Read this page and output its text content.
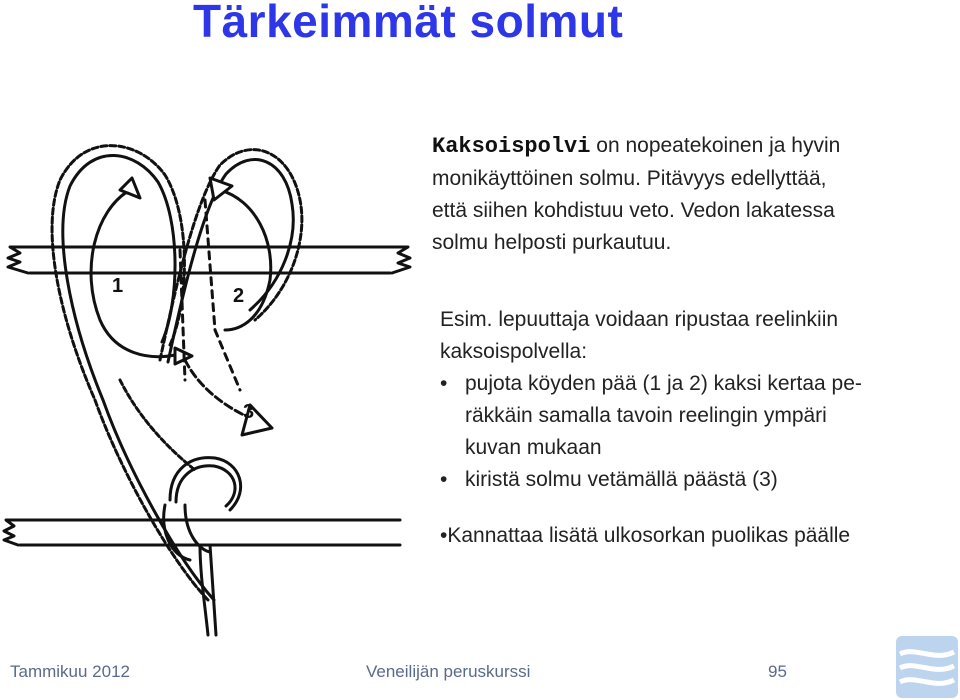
Tärkeimmät solmut
1	2
3
Kaksoispolvi on nopeatekoinen ja hyvin
monikäyttöinen solmu. Pitävyys edellyttää,
että siihen kohdistuu veto. Vedon lakatessa
solmu helposti purkautuu.
Esim. lepuuttaja voidaan ripustaa reelinkiin
kaksoispolvella:
• pujota köyden pää (1 ja 2) kaksi kertaa pe-
räkkäin samalla tavoin reelingin ympäri
kuvan mukaan
• kiristä solmu vetämällä päästä (3)
•Kannattaa lisätä ulkosorkan puolikas päälle
Tammikuu 2012	Veneilijän peruskurssi	95
